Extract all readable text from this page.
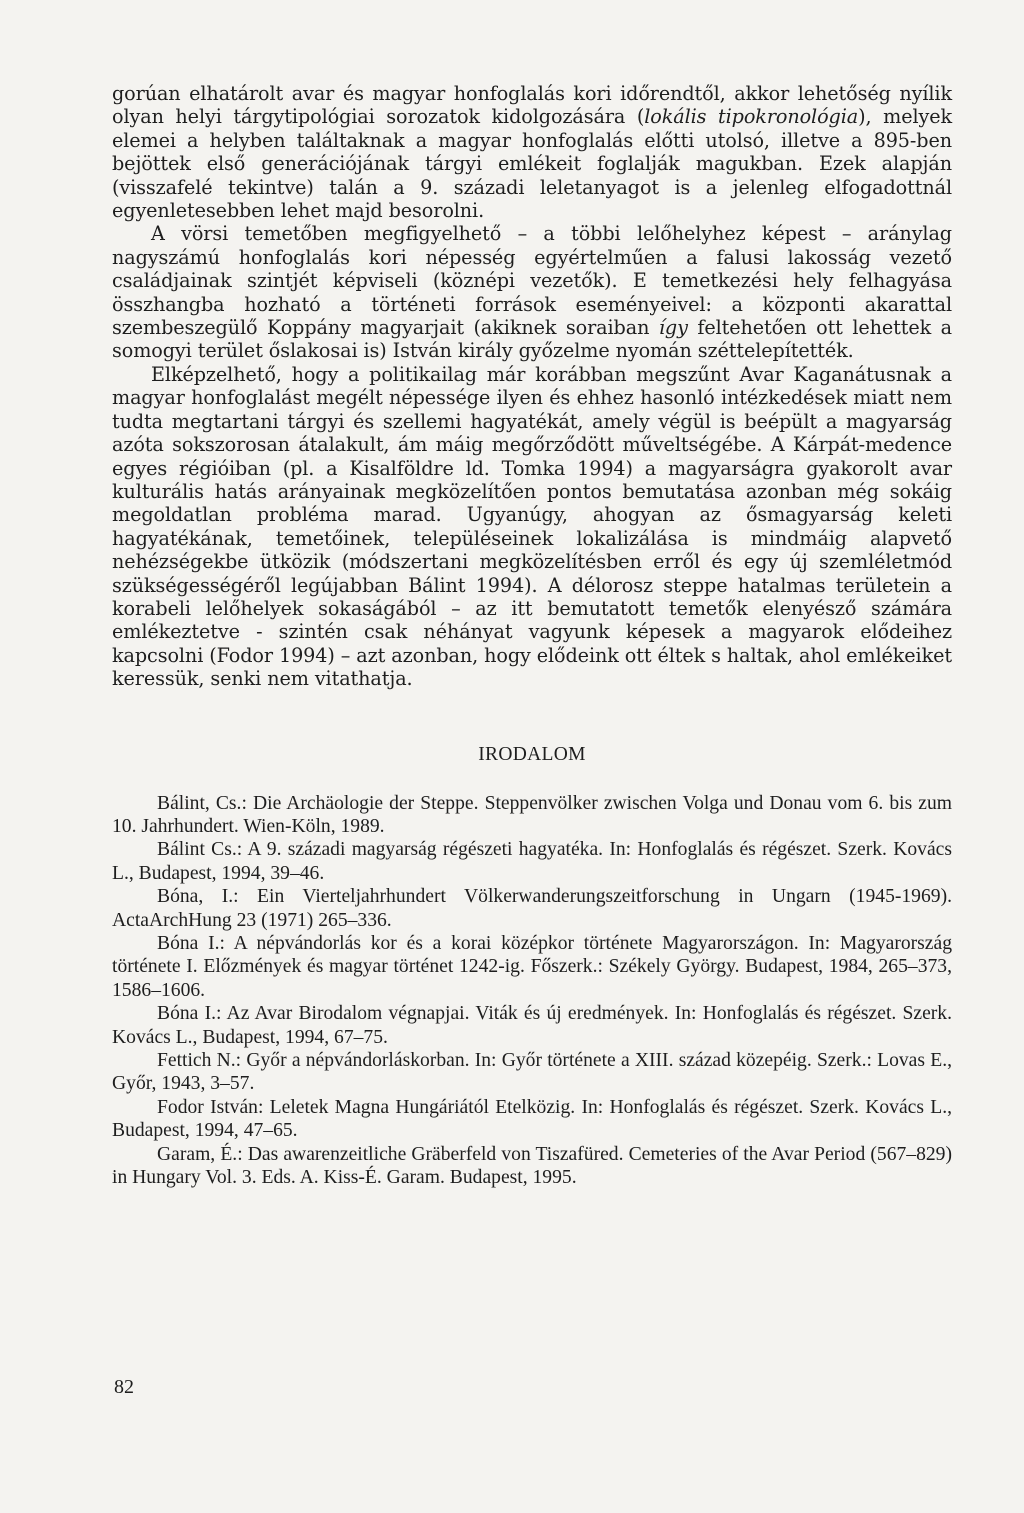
gorúan elhatárolt avar és magyar honfoglalás kori időrendtől, akkor lehetőség nyílik olyan helyi tárgytipológiai sorozatok kidolgozására (lokális tipokronológia), melyek elemei a helyben találtaknak a magyar honfoglalás előtti utolsó, illetve a 895-ben bejöttek első generációjának tárgyi emlékeit foglalják magukban. Ezek alapján (visszafelé tekintve) talán a 9. századi leletanyagot is a jelenleg elfogadottnál egyenletesebben lehet majd besorolni.

A vörsi temetőben megfigyelhető – a többi lelőhelyhez képest – aránylag nagyszámú honfoglalás kori népesség egyértelműen a falusi lakosság vezető családjainak szintjét képviseli (köznépi vezetők). E temetkezési hely felhagyása összhangba hozható a történeti források eseményeivel: a központi akarattal szembeszegülő Koppány magyarjait (akiknek soraiban így feltehetően ott lehettek a somogyi terület őslakosai is) István király győzelme nyomán széttelepítették.

Elképzelhető, hogy a politikailag már korábban megszűnt Avar Kaganátusnak a magyar honfoglalást megélt népessége ilyen és ehhez hasonló intézkedések miatt nem tudta megtartani tárgyi és szellemi hagyatékát, amely végül is beépült a magyarság azóta sokszorosan átalakult, ám máig megőrződött műveltségébe. A Kárpát-medence egyes régióiban (pl. a Kisalföldre ld. Tomka 1994) a magyarságra gyakorolt avar kulturális hatás arányainak megközelítően pontos bemutatása azonban még sokáig megoldatlan probléma marad. Ugyanúgy, ahogyan az ősmagyarság keleti hagyatékának, temetőinek, településeinek lokalizálása is mindmáig alapvető nehézségekbe ütközik (módszertani megközelítésben erről és egy új szemléletmód szükségességéről legújabban Bálint 1994). A délorosz steppe hatalmas területein a korabeli lelőhelyek sokaságából – az itt bemutatott temetők elenyésző számára emlékeztetve - szintén csak néhányat vagyunk képesek a magyarok elődeihez kapcsolni (Fodor 1994) – azt azonban, hogy elődeink ott éltek s haltak, ahol emlékeiket keressük, senki nem vitathatja.

IRODALOM

Bálint, Cs.: Die Archäologie der Steppe. Steppenvölker zwischen Volga und Donau vom 6. bis zum 10. Jahrhundert. Wien-Köln, 1989.

Bálint Cs.: A 9. századi magyarság régészeti hagyatéka. In: Honfoglalás és régészet. Szerk. Kovács L., Budapest, 1994, 39–46.

Bóna, I.: Ein Vierteljahrhundert Völkerwanderungszeitforschung in Ungarn (1945-1969). ActaArchHung 23 (1971) 265–336.

Bóna I.: A népvándorlás kor és a korai középkor története Magyarországon. In: Magyarország története I. Előzmények és magyar történet 1242-ig. Főszerk.: Székely György. Budapest, 1984, 265–373, 1586–1606.

Bóna I.: Az Avar Birodalom végnapjai. Viták és új eredmények. In: Honfoglalás és régészet. Szerk. Kovács L., Budapest, 1994, 67–75.

Fettich N.: Győr a népvándorláskorban. In: Győr története a XIII. század közepéig. Szerk.: Lovas E., Győr, 1943, 3–57.

Fodor István: Leletek Magna Hungáriától Etelközig. In: Honfoglalás és régészet. Szerk. Kovács L., Budapest, 1994, 47–65.

Garam, É.: Das awarenzeitliche Gräberfeld von Tiszafüred. Cemeteries of the Avar Period (567–829) in Hungary Vol. 3. Eds. A. Kiss-É. Garam. Budapest, 1995.

82
